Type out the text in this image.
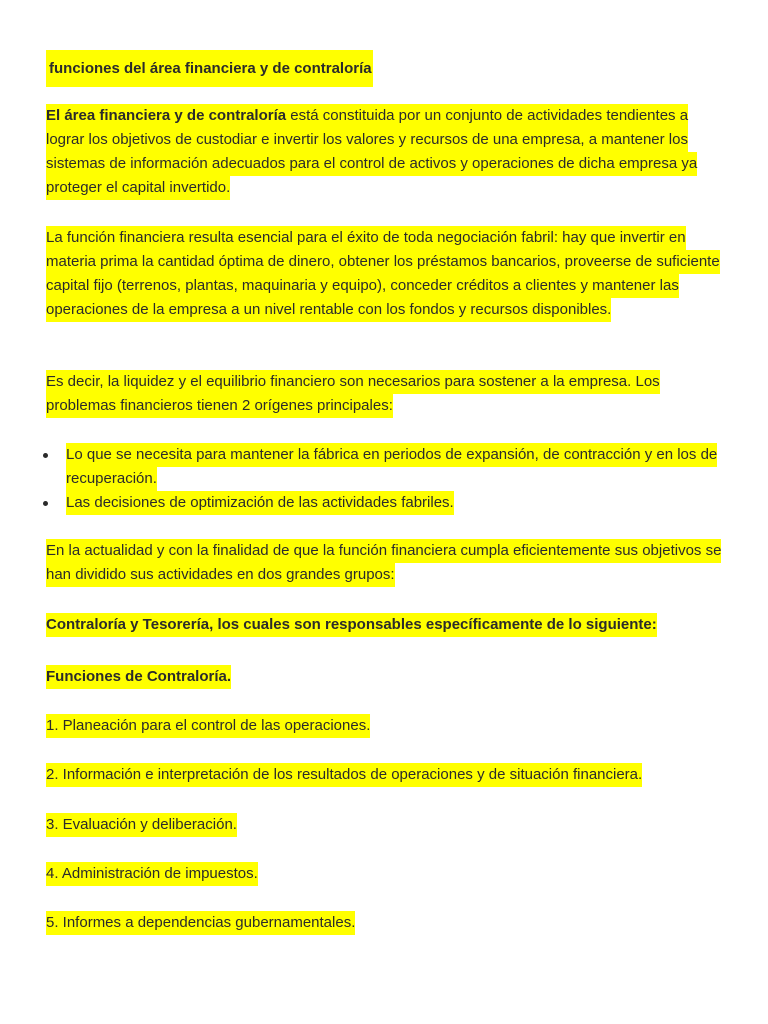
funciones del área financiera y de contraloría

El área financiera y de contraloría está constituida por un conjunto de actividades tendientes a lograr los objetivos de custodiar e invertir los valores y recursos de una empresa, a mantener los sistemas de información adecuados para el control de activos y operaciones de dicha empresa ya proteger el capital invertido.

La función financiera resulta esencial para el éxito de toda negociación fabril: hay que invertir en materia prima la cantidad óptima de dinero, obtener los préstamos bancarios, proveerse de suficiente capital fijo (terrenos, plantas, maquinaria y equipo), conceder créditos a clientes y mantener las operaciones de la empresa a un nivel rentable con los fondos y recursos disponibles.

Es decir, la liquidez y el equilibrio financiero son necesarios para sostener a la empresa. Los problemas financieros tienen 2 orígenes principales:

Lo que se necesita para mantener la fábrica en periodos de expansión, de contracción y en los de recuperación.
Las decisiones de optimización de las actividades fabriles.

En la actualidad y con la finalidad de que la función financiera cumpla eficientemente sus objetivos se han dividido sus actividades en dos grandes grupos:

Contraloría y Tesorería, los cuales son responsables específicamente de lo siguiente:

Funciones de Contraloría.

1. Planeación para el control de las operaciones.

2. Información e interpretación de los resultados de operaciones y de situación financiera.

3. Evaluación y deliberación.

4. Administración de impuestos.

5. Informes a dependencias gubernamentales.
